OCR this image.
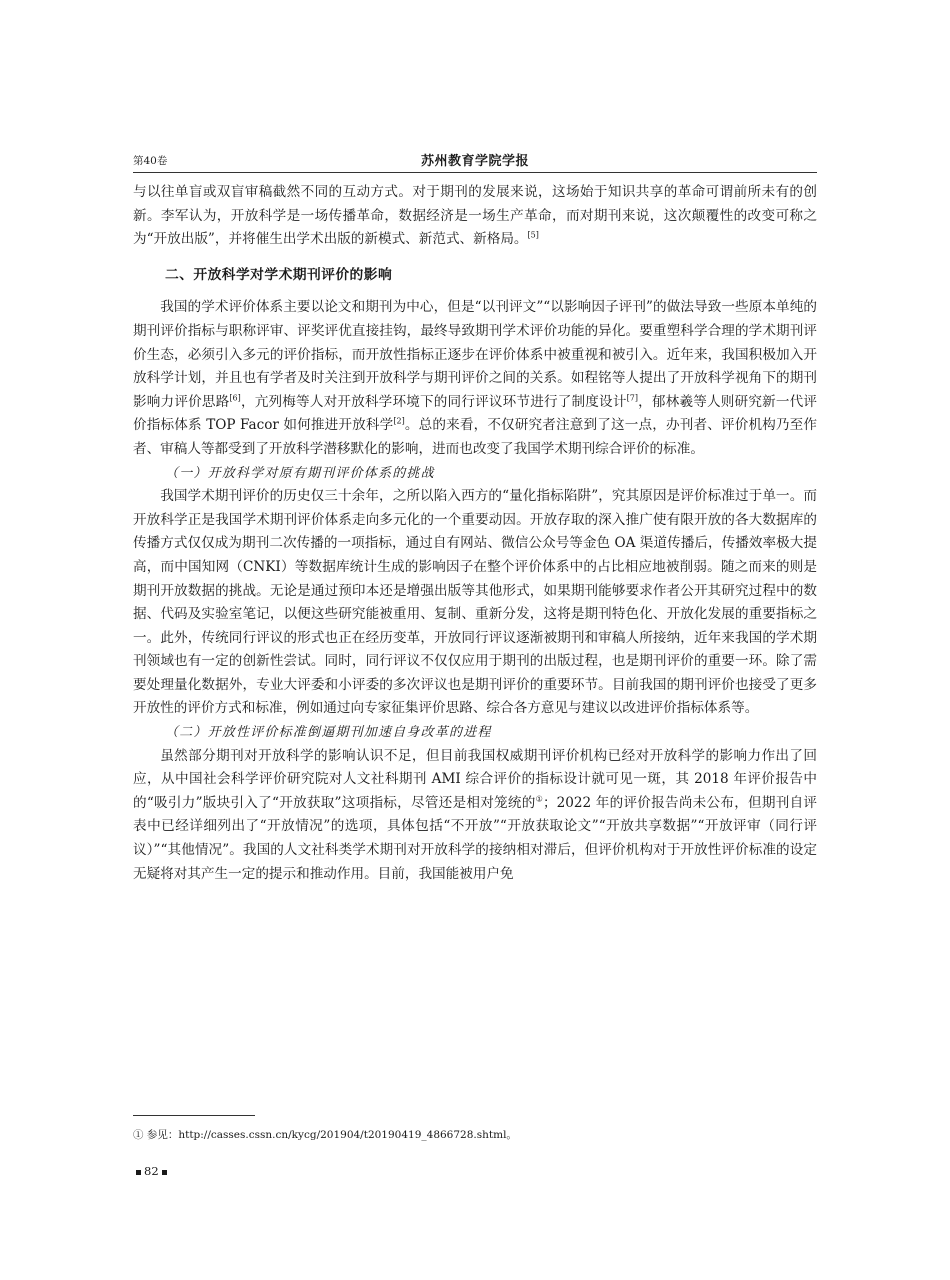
第40卷	苏州教育学院学报

与以往单盲或双盲审稿截然不同的互动方式。对于期刊的发展来说，这场始于知识共享的革命可谓前所未有的创新。李军认为，开放科学是一场传播革命，数据经济是一场生产革命，而对期刊来说，这次颠覆性的改变可称之为“开放出版”，并将催生出学术出版的新模式、新范式、新格局。[5]

二、开放科学对学术期刊评价的影响

我国的学术评价体系主要以论文和期刊为中心，但是“以刊评文”“以影响因子评刊”的做法导致一些原本单纯的期刊评价指标与职称评审、评奖评优直接挂钩，最终导致期刊学术评价功能的异化。要重塑科学合理的学术期刊评价生态，必须引入多元的评价指标，而开放性指标正逐步在评价体系中被重视和被引入。近年来，我国积极加入开放科学计划，并且也有学者及时关注到开放科学与期刊评价之间的关系。如程铭等人提出了开放科学视角下的期刊影响力评价思路[6]，亢列梅等人对开放科学环境下的同行评议环节进行了制度设计[7]，郁林羲等人则研究新一代评价指标体系 TOP Facor 如何推进开放科学[2]。总的来看，不仅研究者注意到了这一点，办刊者、评价机构乃至作者、审稿人等都受到了开放科学潜移默化的影响，进而也改变了我国学术期刊综合评价的标准。

（一）开放科学对原有期刊评价体系的挑战

我国学术期刊评价的历史仅三十余年，之所以陷入西方的“量化指标陷阱”，究其原因是评价标准过于单一。而开放科学正是我国学术期刊评价体系走向多元化的一个重要动因。开放存取的深入推广使有限开放的各大数据库的传播方式仅仅成为期刊二次传播的一项指标，通过自有网站、微信公众号等金色 OA 渠道传播后，传播效率极大提高，而中国知网（CNKI）等数据库统计生成的影响因子在整个评价体系中的占比相应地被削弱。随之而来的则是期刊开放数据的挑战。无论是通过预印本还是增强出版等其他形式，如果期刊能够要求作者公开其研究过程中的数据、代码及实验室笔记，以便这些研究能被重用、复制、重新分发，这将是期刊特色化、开放化发展的重要指标之一。此外，传统同行评议的形式也正在经历变革，开放同行评议逐渐被期刊和审稿人所接纳，近年来我国的学术期刊领域也有一定的创新性尝试。同时，同行评议不仅仅应用于期刊的出版过程，也是期刊评价的重要一环。除了需要处理量化数据外，专业大评委和小评委的多次评议也是期刊评价的重要环节。目前我国的期刊评价也接受了更多开放性的评价方式和标准，例如通过向专家征集评价思路、综合各方意见与建议以改进评价指标体系等。

（二）开放性评价标准倒逼期刊加速自身改革的进程

虽然部分期刊对开放科学的影响认识不足，但目前我国权威期刊评价机构已经对开放科学的影响力作出了回应，从中国社会科学评价研究院对人文社科期刊 AMI 综合评价的指标设计就可见一斑，其 2018 年评价报告中的“吸引力”版块引入了“开放获取”这项指标，尽管还是相对笼统的①；2022 年的评价报告尚未公布，但期刊自评表中已经详细列出了“开放情况”的选项，具体包括“不开放”“开放获取论文”“开放共享数据”“开放评审（同行评议）”“其他情况”。我国的人文社科类学术期刊对开放科学的接纳相对滞后，但评价机构对于开放性评价标准的设定无疑将对其产生一定的提示和推动作用。目前，我国能被用户免

① 参见：http://casses.cssn.cn/kycg/201904/t20190419_4866728.shtml。
82
